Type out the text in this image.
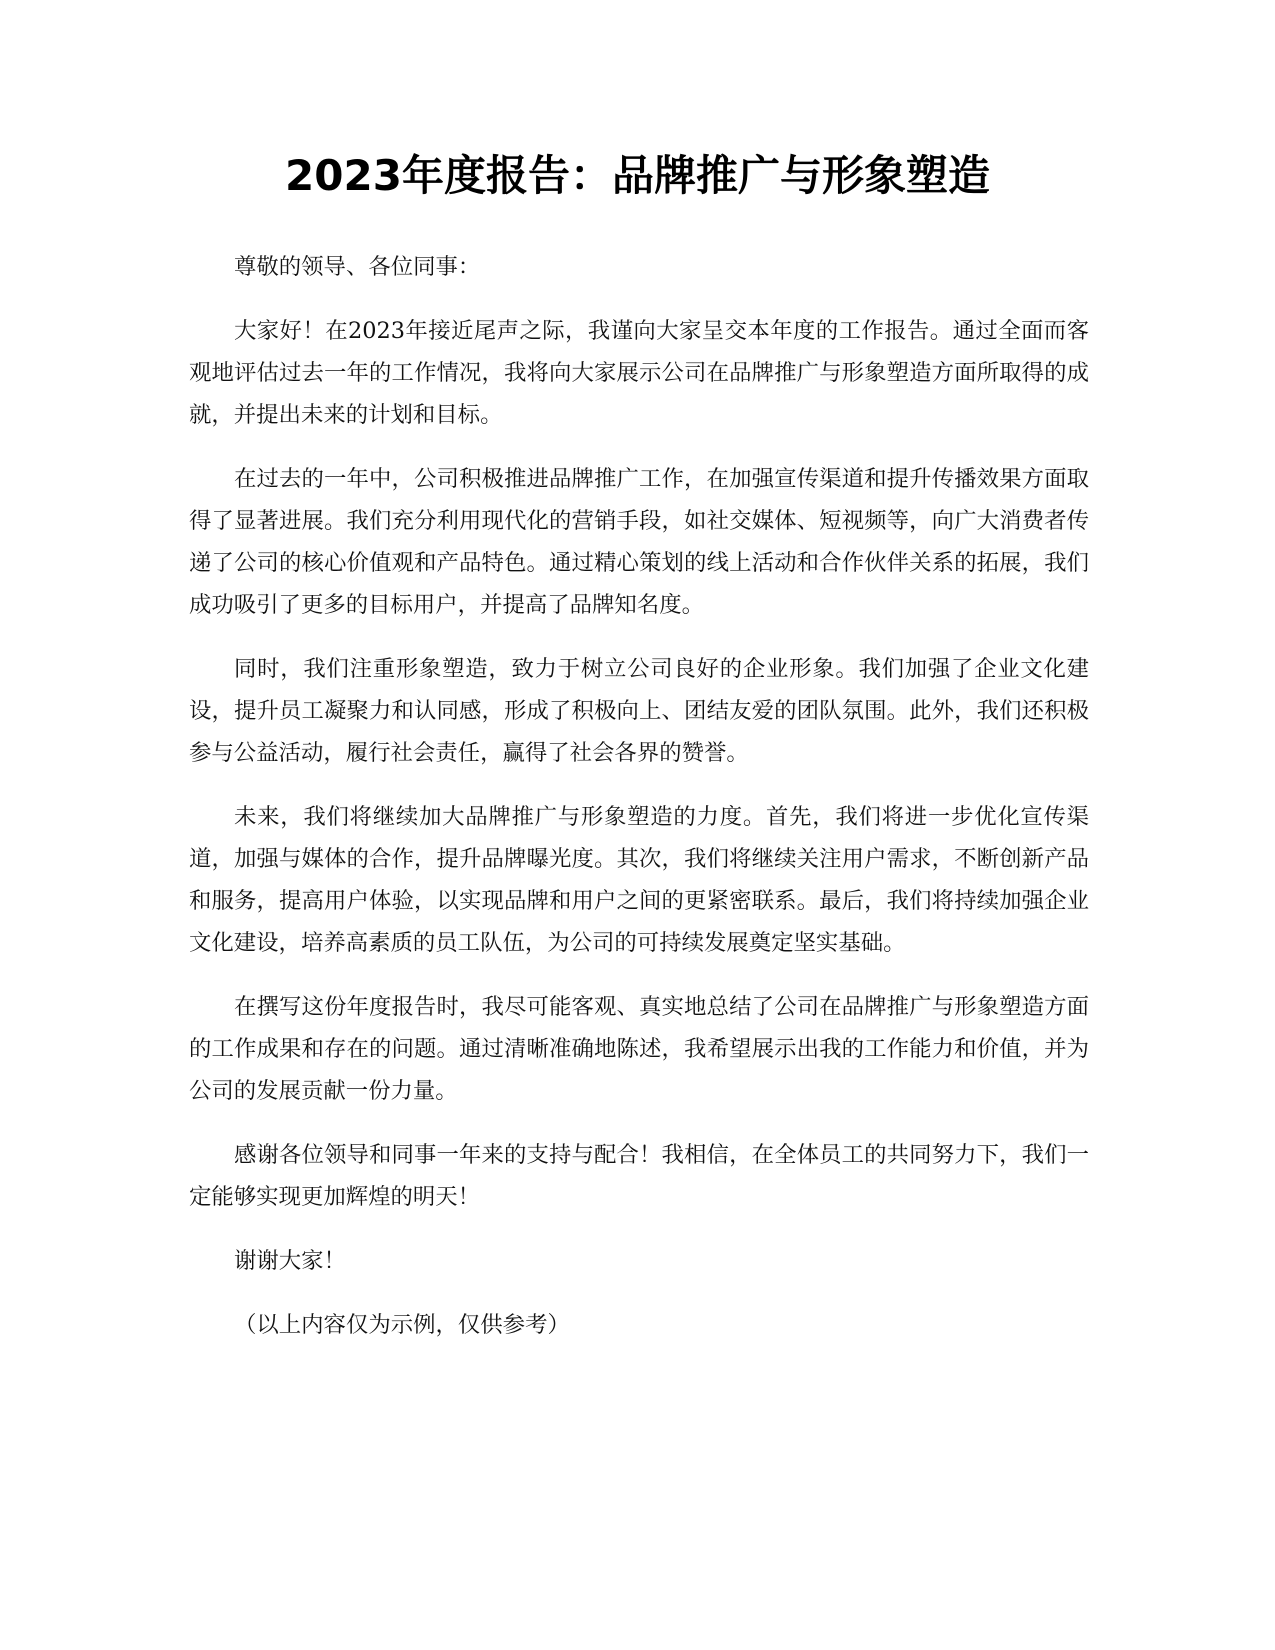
2023年度报告：品牌推广与形象塑造

尊敬的领导、各位同事：

大家好！在2023年接近尾声之际，我谨向大家呈交本年度的工作报告。通过全面而客观地评估过去一年的工作情况，我将向大家展示公司在品牌推广与形象塑造方面所取得的成就，并提出未来的计划和目标。

在过去的一年中，公司积极推进品牌推广工作，在加强宣传渠道和提升传播效果方面取得了显著进展。我们充分利用现代化的营销手段，如社交媒体、短视频等，向广大消费者传递了公司的核心价值观和产品特色。通过精心策划的线上活动和合作伙伴关系的拓展，我们成功吸引了更多的目标用户，并提高了品牌知名度。

同时，我们注重形象塑造，致力于树立公司良好的企业形象。我们加强了企业文化建设，提升员工凝聚力和认同感，形成了积极向上、团结友爱的团队氛围。此外，我们还积极参与公益活动，履行社会责任，赢得了社会各界的赞誉。

未来，我们将继续加大品牌推广与形象塑造的力度。首先，我们将进一步优化宣传渠道，加强与媒体的合作，提升品牌曝光度。其次，我们将继续关注用户需求，不断创新产品和服务，提高用户体验，以实现品牌和用户之间的更紧密联系。最后，我们将持续加强企业文化建设，培养高素质的员工队伍，为公司的可持续发展奠定坚实基础。

在撰写这份年度报告时，我尽可能客观、真实地总结了公司在品牌推广与形象塑造方面的工作成果和存在的问题。通过清晰准确地陈述，我希望展示出我的工作能力和价值，并为公司的发展贡献一份力量。

感谢各位领导和同事一年来的支持与配合！我相信，在全体员工的共同努力下，我们一定能够实现更加辉煌的明天！

谢谢大家！

（以上内容仅为示例，仅供参考）
